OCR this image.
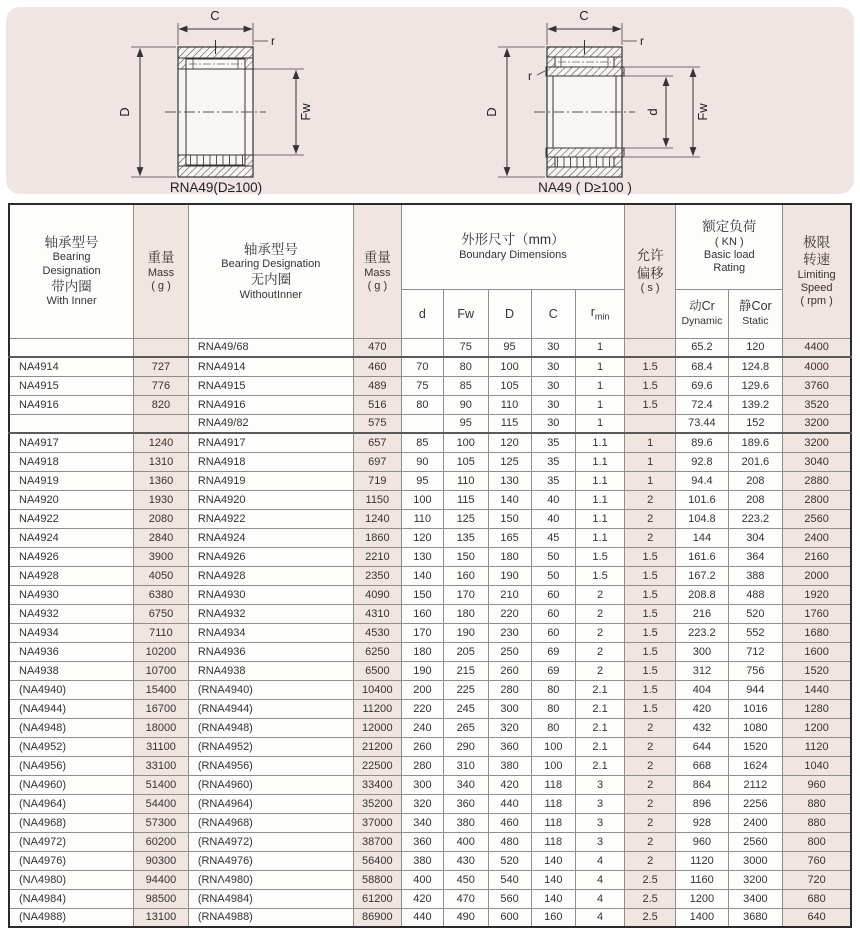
C
r
D	Fw
RNA49(D≥100)
C
r
r
D	d	Fw
NA49 ( D≥100 )
轴承型号
Bearing
Designation
带内圈
With Inner

重量
Mass
( g )

轴承型号
Bearing Designation
无内圈
WithoutInner

重量
Mass
( g )

外形尺寸（mm）
Boundary Dimensions	允许
偏移
( s )

额定负荷
( KN )
Basic load
Rating

极限
转速
Limiting
Speed
( rpm )

d	Fw	D	C	$r_{min}$	
动Cr
Dynamic

静Cor
Static

		RNA49/68	470		75	95	30	1		65.2	120	4400
NA4914	727	RNA4914	460	70	80	100	30	1	1.5	68.4	124.8	4000
NA4915	776	RNA4915	489	75	85	105	30	1	1.5	69.6	129.6	3760
NA4916	820	RNA4916	516	80	90	110	30	1	1.5	72.4	139.2	3520
		RNA49/82	575		95	115	30	1		73.44	152	3200
NA4917	1240	RNA4917	657	85	100	120	35	1.1	1	89.6	189.6	3200
NA4918	1310	RNA4918	697	90	105	125	35	1.1	1	92.8	201.6	3040
NA4919	1360	RNA4919	719	95	110	130	35	1.1	1	94.4	208	2880
NA4920	1930	RNA4920	1150	100	115	140	40	1.1	2	101.6	208	2800
NA4922	2080	RNA4922	1240	110	125	150	40	1.1	2	104.8	223.2	2560
NA4924	2840	RNA4924	1860	120	135	165	45	1.1	2	144	304	2400
NA4926	3900	RNA4926	2210	130	150	180	50	1.5	1.5	161.6	364	2160
NA4928	4050	RNA4928	2350	140	160	190	50	1.5	1.5	167.2	388	2000
NA4930	6380	RNA4930	4090	150	170	210	60	2	1.5	208.8	488	1920
NA4932	6750	RNA4932	4310	160	180	220	60	2	1.5	216	520	1760
NA4934	7110	RNA4934	4530	170	190	230	60	2	1.5	223.2	552	1680
NA4936	10200	RNA4936	6250	180	205	250	69	2	1.5	300	712	1600
NA4938	10700	RNA4938	6500	190	215	260	69	2	1.5	312	756	1520
(NA4940)	15400	(RNA4940)	10400	200	225	280	80	2.1	1.5	404	944	1440
(NA4944)	16700	(RNA4944)	11200	220	245	300	80	2.1	1.5	420	1016	1280
(NA4948)	18000	(RNA4948)	12000	240	265	320	80	2.1	2	432	1080	1200
(NA4952)	31100	(RNA4952)	21200	260	290	360	100	2.1	2	644	1520	1120
(NA4956)	33100	(RNA4956)	22500	280	310	380	100	2.1	2	668	1624	1040
(NA4960)	51400	(RNA4960)	33400	300	340	420	118	3	2	864	2112	960
(NA4964)	54400	(RNA4964)	35200	320	360	440	118	3	2	896	2256	880
(NA4968)	57300	(RNA4968)	37000	340	380	460	118	3	2	928	2400	880
(NA4972)	60200	(RNA4972)	38700	360	400	480	118	3	2	960	2560	800
(NA4976)	90300	(RNA4976)	56400	380	430	520	140	4	2	1120	3000	760
(NΛ4980)	94400	(RNΛ4980)	58800	400	450	540	140	4	2.5	1160	3200	720
(NA4984)	98500	(RNA4984)	61200	420	470	560	140	4	2.5	1200	3400	680
(NA4988)	13100	(RNA4988)	86900	440	490	600	160	4	2.5	1400	3680	640
